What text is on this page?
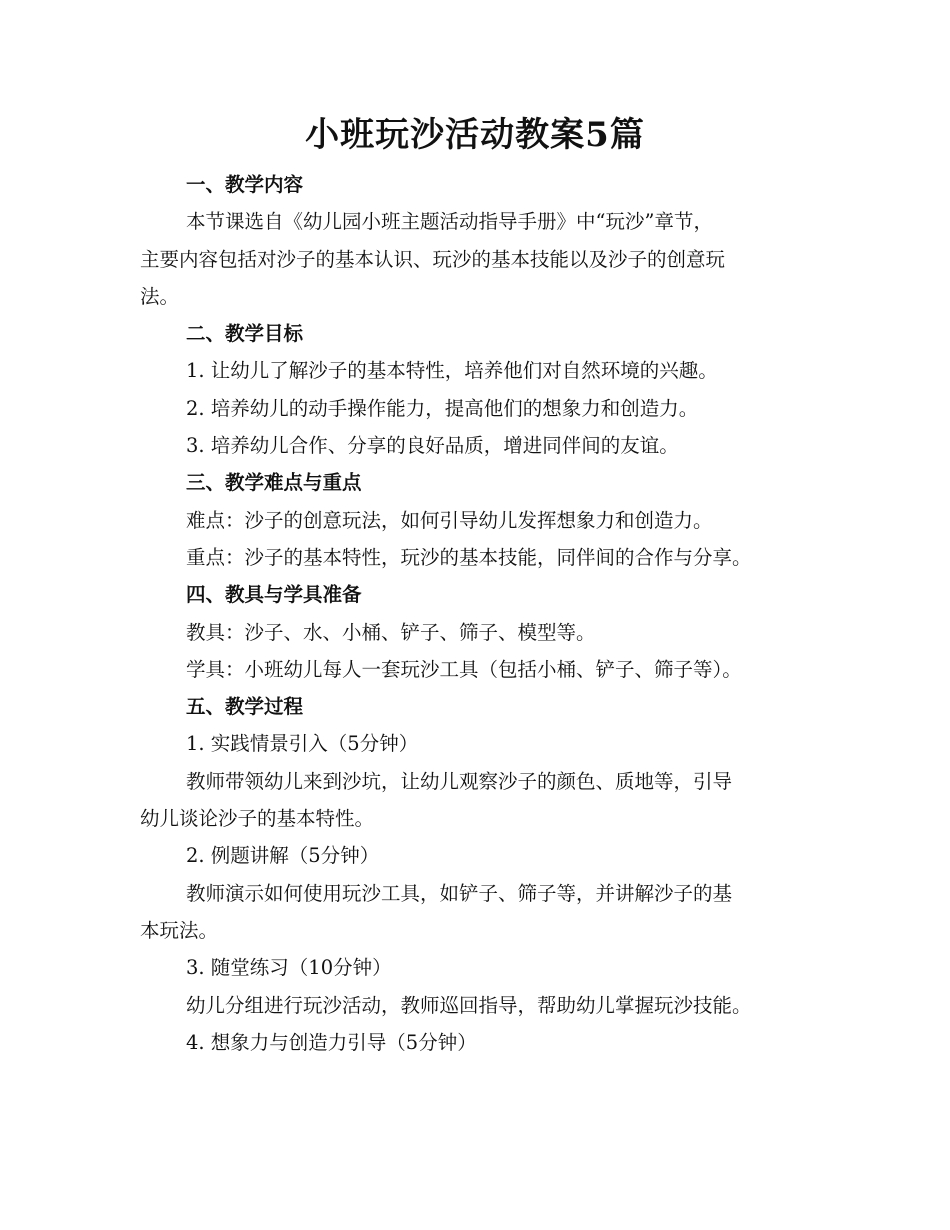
小班玩沙活动教案5篇

一、教学内容

本节课选自《幼儿园小班主题活动指导手册》中“玩沙”章节，

主要内容包括对沙子的基本认识、玩沙的基本技能以及沙子的创意玩

法。

二、教学目标

1. 让幼儿了解沙子的基本特性，培养他们对自然环境的兴趣。

2. 培养幼儿的动手操作能力，提高他们的想象力和创造力。

3. 培养幼儿合作、分享的良好品质，增进同伴间的友谊。

三、教学难点与重点

难点：沙子的创意玩法，如何引导幼儿发挥想象力和创造力。

重点：沙子的基本特性，玩沙的基本技能，同伴间的合作与分享。

四、教具与学具准备

教具：沙子、水、小桶、铲子、筛子、模型等。

学具：小班幼儿每人一套玩沙工具（包括小桶、铲子、筛子等）。

五、教学过程

1. 实践情景引入（5分钟）

教师带领幼儿来到沙坑，让幼儿观察沙子的颜色、质地等，引导

幼儿谈论沙子的基本特性。

2. 例题讲解（5分钟）

教师演示如何使用玩沙工具，如铲子、筛子等，并讲解沙子的基

本玩法。

3. 随堂练习（10分钟）

幼儿分组进行玩沙活动，教师巡回指导，帮助幼儿掌握玩沙技能。

4. 想象力与创造力引导（5分钟）
